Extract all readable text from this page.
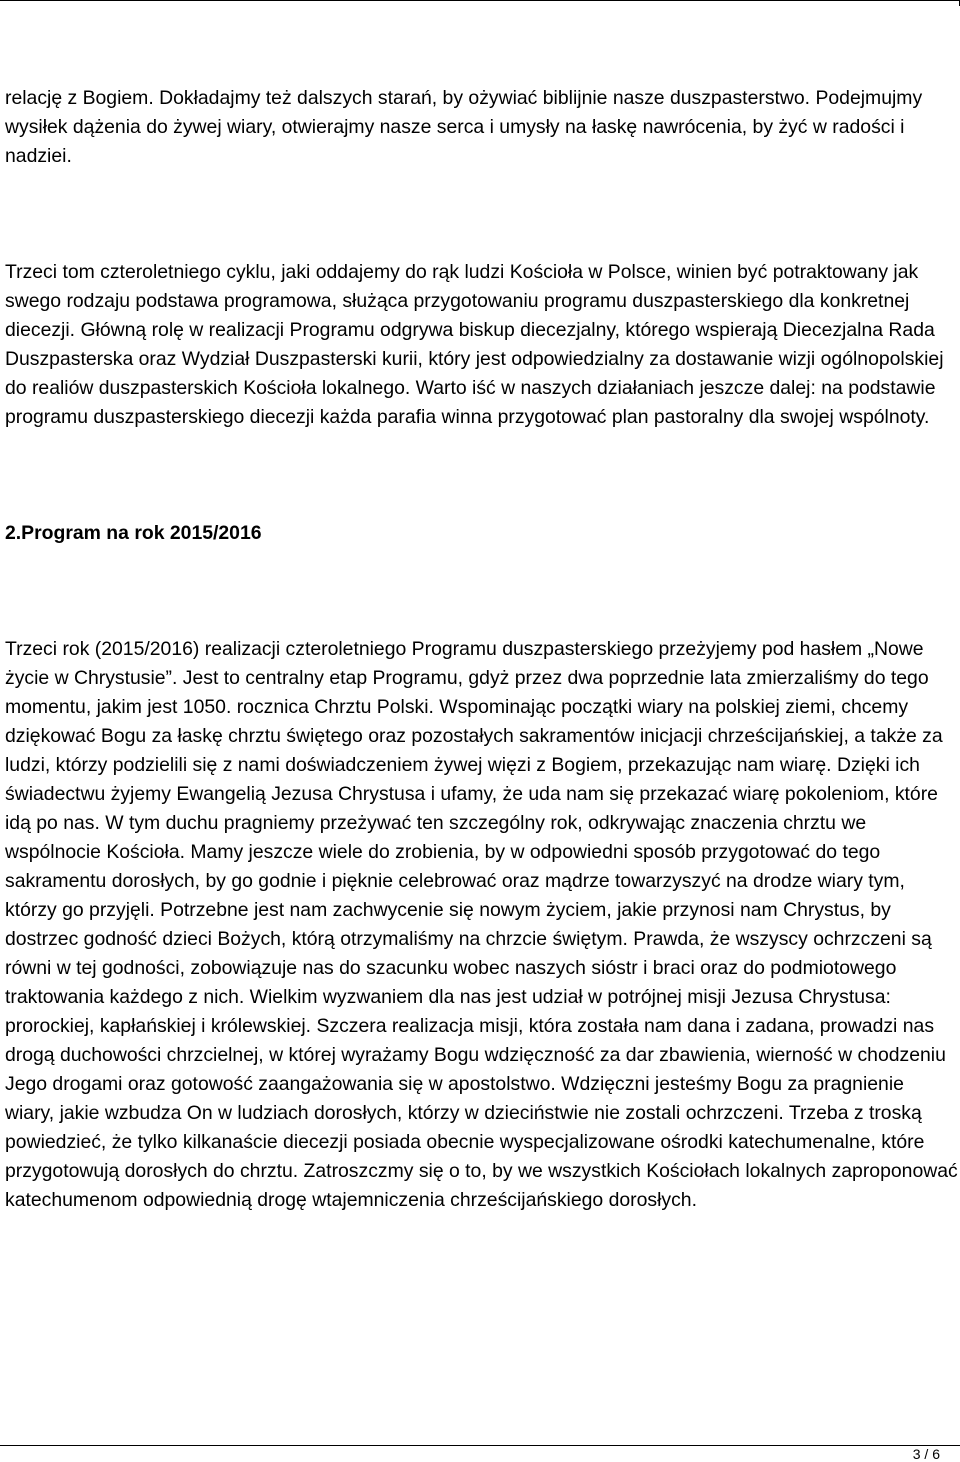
relację z Bogiem. Dokładajmy też dalszych starań, by ożywiać biblijnie nasze duszpasterstwo. Podejmujmy wysiłek dążenia do żywej wiary, otwierajmy nasze serca i umysły na łaskę nawrócenia, by żyć w radości i nadziei.

Trzeci tom czteroletniego cyklu, jaki oddajemy do rąk ludzi Kościoła w Polsce, winien być potraktowany jak swego rodzaju podstawa programowa, służąca przygotowaniu programu duszpasterskiego dla konkretnej diecezji. Główną rolę w realizacji Programu odgrywa biskup diecezjalny, którego wspierają Diecezjalna Rada Duszpasterska oraz Wydział Duszpasterski kurii, który jest odpowiedzialny za dostawanie wizji ogólnopolskiej do realiów duszpasterskich Kościoła lokalnego. Warto iść w naszych działaniach jeszcze dalej: na podstawie programu duszpasterskiego diecezji każda parafia winna przygotować plan pastoralny dla swojej wspólnoty.

2.Program na rok 2015/2016

Trzeci rok (2015/2016) realizacji czteroletniego Programu duszpasterskiego przeżyjemy pod hasłem „Nowe życie w Chrystusie”. Jest to centralny etap Programu, gdyż przez dwa poprzednie lata zmierzaliśmy do tego momentu, jakim jest 1050. rocznica Chrztu Polski. Wspominając początki wiary na polskiej ziemi, chcemy dziękować Bogu za łaskę chrztu świętego oraz pozostałych sakramentów inicjacji chrześcijańskiej, a także za ludzi, którzy podzielili się z nami doświadczeniem żywej więzi z Bogiem, przekazując nam wiarę. Dzięki ich świadectwu żyjemy Ewangelią Jezusa Chrystusa i ufamy, że uda nam się przekazać wiarę pokoleniom, które idą po nas. W tym duchu pragniemy przeżywać ten szczególny rok, odkrywając znaczenia chrztu we wspólnocie Kościoła. Mamy jeszcze wiele do zrobienia, by w odpowiedni sposób przygotować do tego sakramentu dorosłych, by go godnie i pięknie celebrować oraz mądrze towarzyszyć na drodze wiary tym, którzy go przyjęli. Potrzebne jest nam zachwycenie się nowym życiem, jakie przynosi nam Chrystus, by dostrzec godność dzieci Bożych, którą otrzymaliśmy na chrzcie świętym. Prawda, że wszyscy ochrzczeni są równi w tej godności, zobowiązuje nas do szacunku wobec naszych sióstr i braci oraz do podmiotowego traktowania każdego z nich. Wielkim wyzwaniem dla nas jest udział w potrójnej misji Jezusa Chrystusa: prorockiej, kapłańskiej i królewskiej. Szczera realizacja misji, która została nam dana i zadana, prowadzi nas drogą duchowości chrzcielnej, w której wyrażamy Bogu wdzięczność za dar zbawienia, wierność w chodzeniu Jego drogami oraz gotowość zaangażowania się w apostolstwo. Wdzięczni jesteśmy Bogu za pragnienie wiary, jakie wzbudza On w ludziach dorosłych, którzy w dzieciństwie nie zostali ochrzczeni. Trzeba z troską powiedzieć, że tylko kilkanaście diecezji posiada obecnie wyspecjalizowane ośrodki katechumenalne, które przygotowują dorosłych do chrztu. Zatroszczmy się o to, by we wszystkich Kościołach lokalnych zaproponować katechumenom odpowiednią drogę wtajemniczenia chrześcijańskiego dorosłych.

3 / 6
